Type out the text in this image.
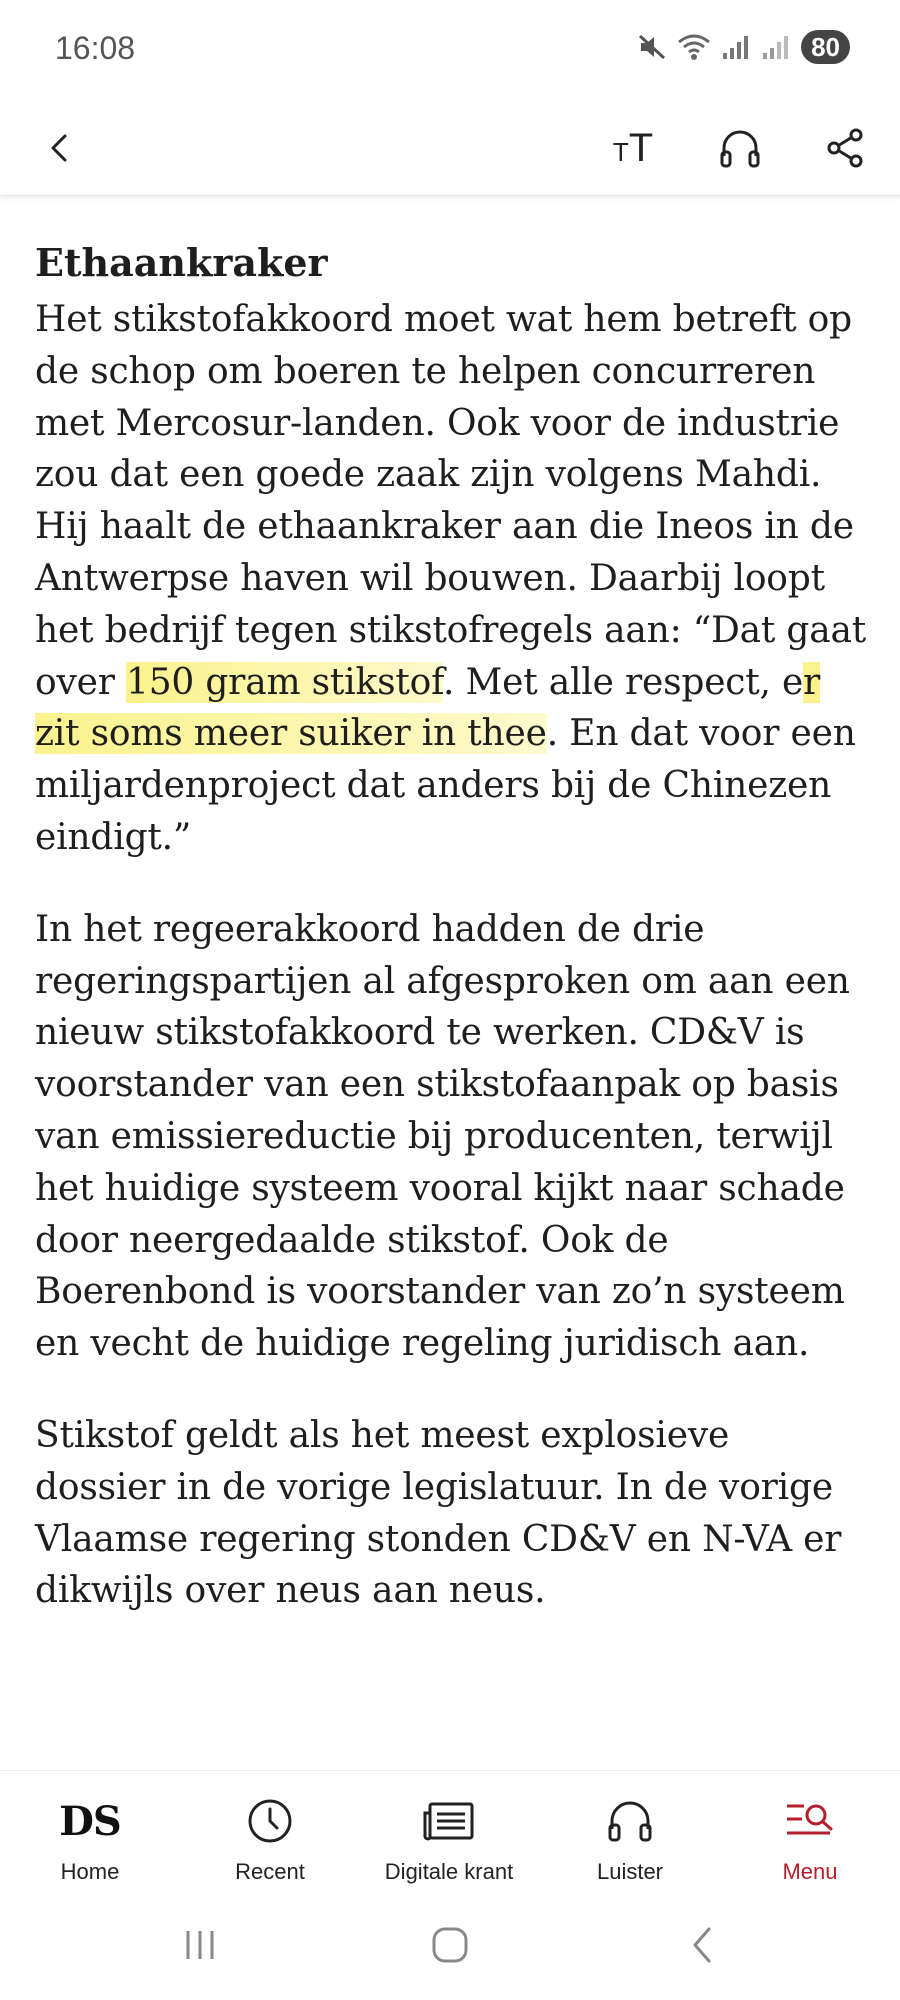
16:08	80
TT
Ethaankraker

Het stikstofakkoord moet wat hem betreft op de schop om boeren te helpen concurreren met Mercosur-landen. Ook voor de industrie zou dat een goede zaak zijn volgens Mahdi. Hij haalt de ethaankraker aan die Ineos in de Antwerpse haven wil bouwen. Daarbij loopt het bedrijf tegen stikstofregels aan: “Dat gaat over 150 gram stikstof. Met alle respect, er zit soms meer suiker in thee. En dat voor een miljardenproject dat anders bij de Chinezen eindigt.”

In het regeerakkoord hadden de drie regeringspartijen al afgesproken om aan een nieuw stikstofakkoord te werken. CD&V is voorstander van een stikstofaanpak op basis van emissiereductie bij producenten, terwijl het huidige systeem vooral kijkt naar schade door neergedaalde stikstof. Ook de Boerenbond is voorstander van zo’n systeem en vecht de huidige regeling juridisch aan.

Stikstof geldt als het meest explosieve dossier in de vorige legislatuur. In de vorige Vlaamse regering stonden CD&V en N-VA er dikwijls over neus aan neus.

DS
Home	Recent	Digitale krant	Luister	Menu
